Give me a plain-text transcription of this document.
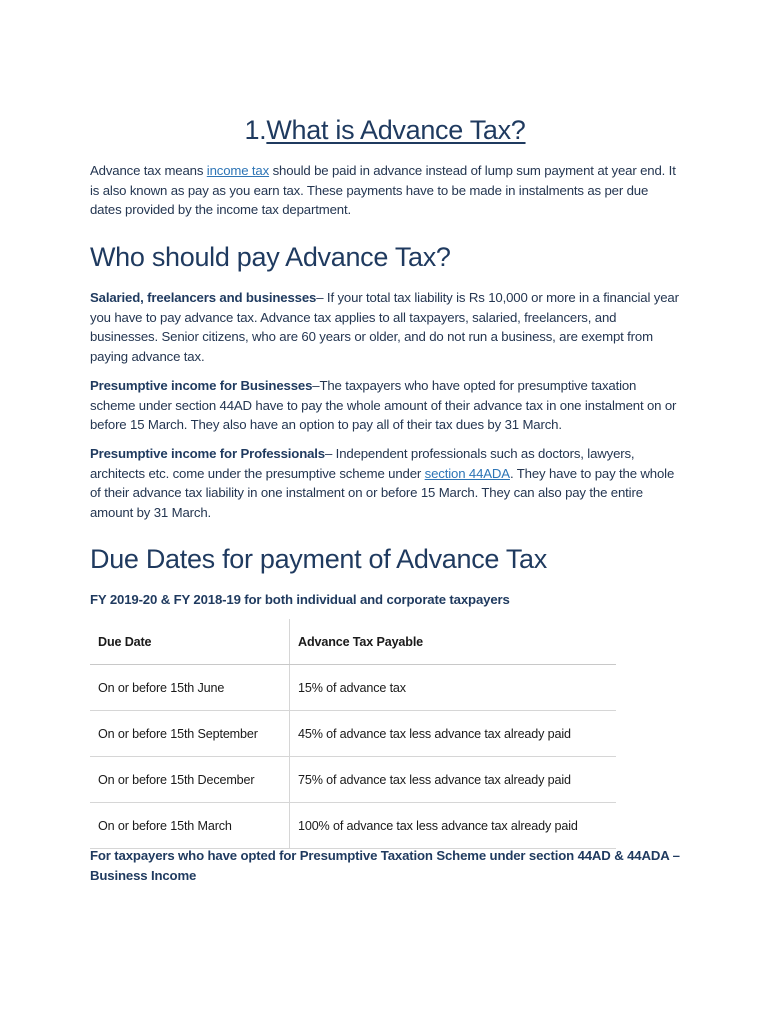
1.What is Advance Tax?

Advance tax means income tax should be paid in advance instead of lump sum payment at year end. It is also known as pay as you earn tax. These payments have to be made in instalments as per due dates provided by the income tax department.

Who should pay Advance Tax?

Salaried, freelancers and businesses– If your total tax liability is Rs 10,000 or more in a financial year you have to pay advance tax. Advance tax applies to all taxpayers, salaried, freelancers, and businesses. Senior citizens, who are 60 years or older, and do not run a business, are exempt from paying advance tax.

Presumptive income for Businesses–The taxpayers who have opted for presumptive taxation scheme under section 44AD have to pay the whole amount of their advance tax in one instalment on or before 15 March. They also have an option to pay all of their tax dues by 31 March.

Presumptive income for Professionals– Independent professionals such as doctors, lawyers, architects etc. come under the presumptive scheme under section 44ADA. They have to pay the whole of their advance tax liability in one instalment on or before 15 March. They can also pay the entire amount by 31 March.

Due Dates for payment of Advance Tax
FY 2019-20 & FY 2018-19 for both individual and corporate taxpayers
Due Date	Advance Tax Payable
On or before 15th June	15% of advance tax
On or before 15th September	45% of advance tax less advance tax already paid
On or before 15th December	75% of advance tax less advance tax already paid
On or before 15th March	100% of advance tax less advance tax already paid
For taxpayers who have opted for Presumptive Taxation Scheme under section 44AD & 44ADA – Business Income
